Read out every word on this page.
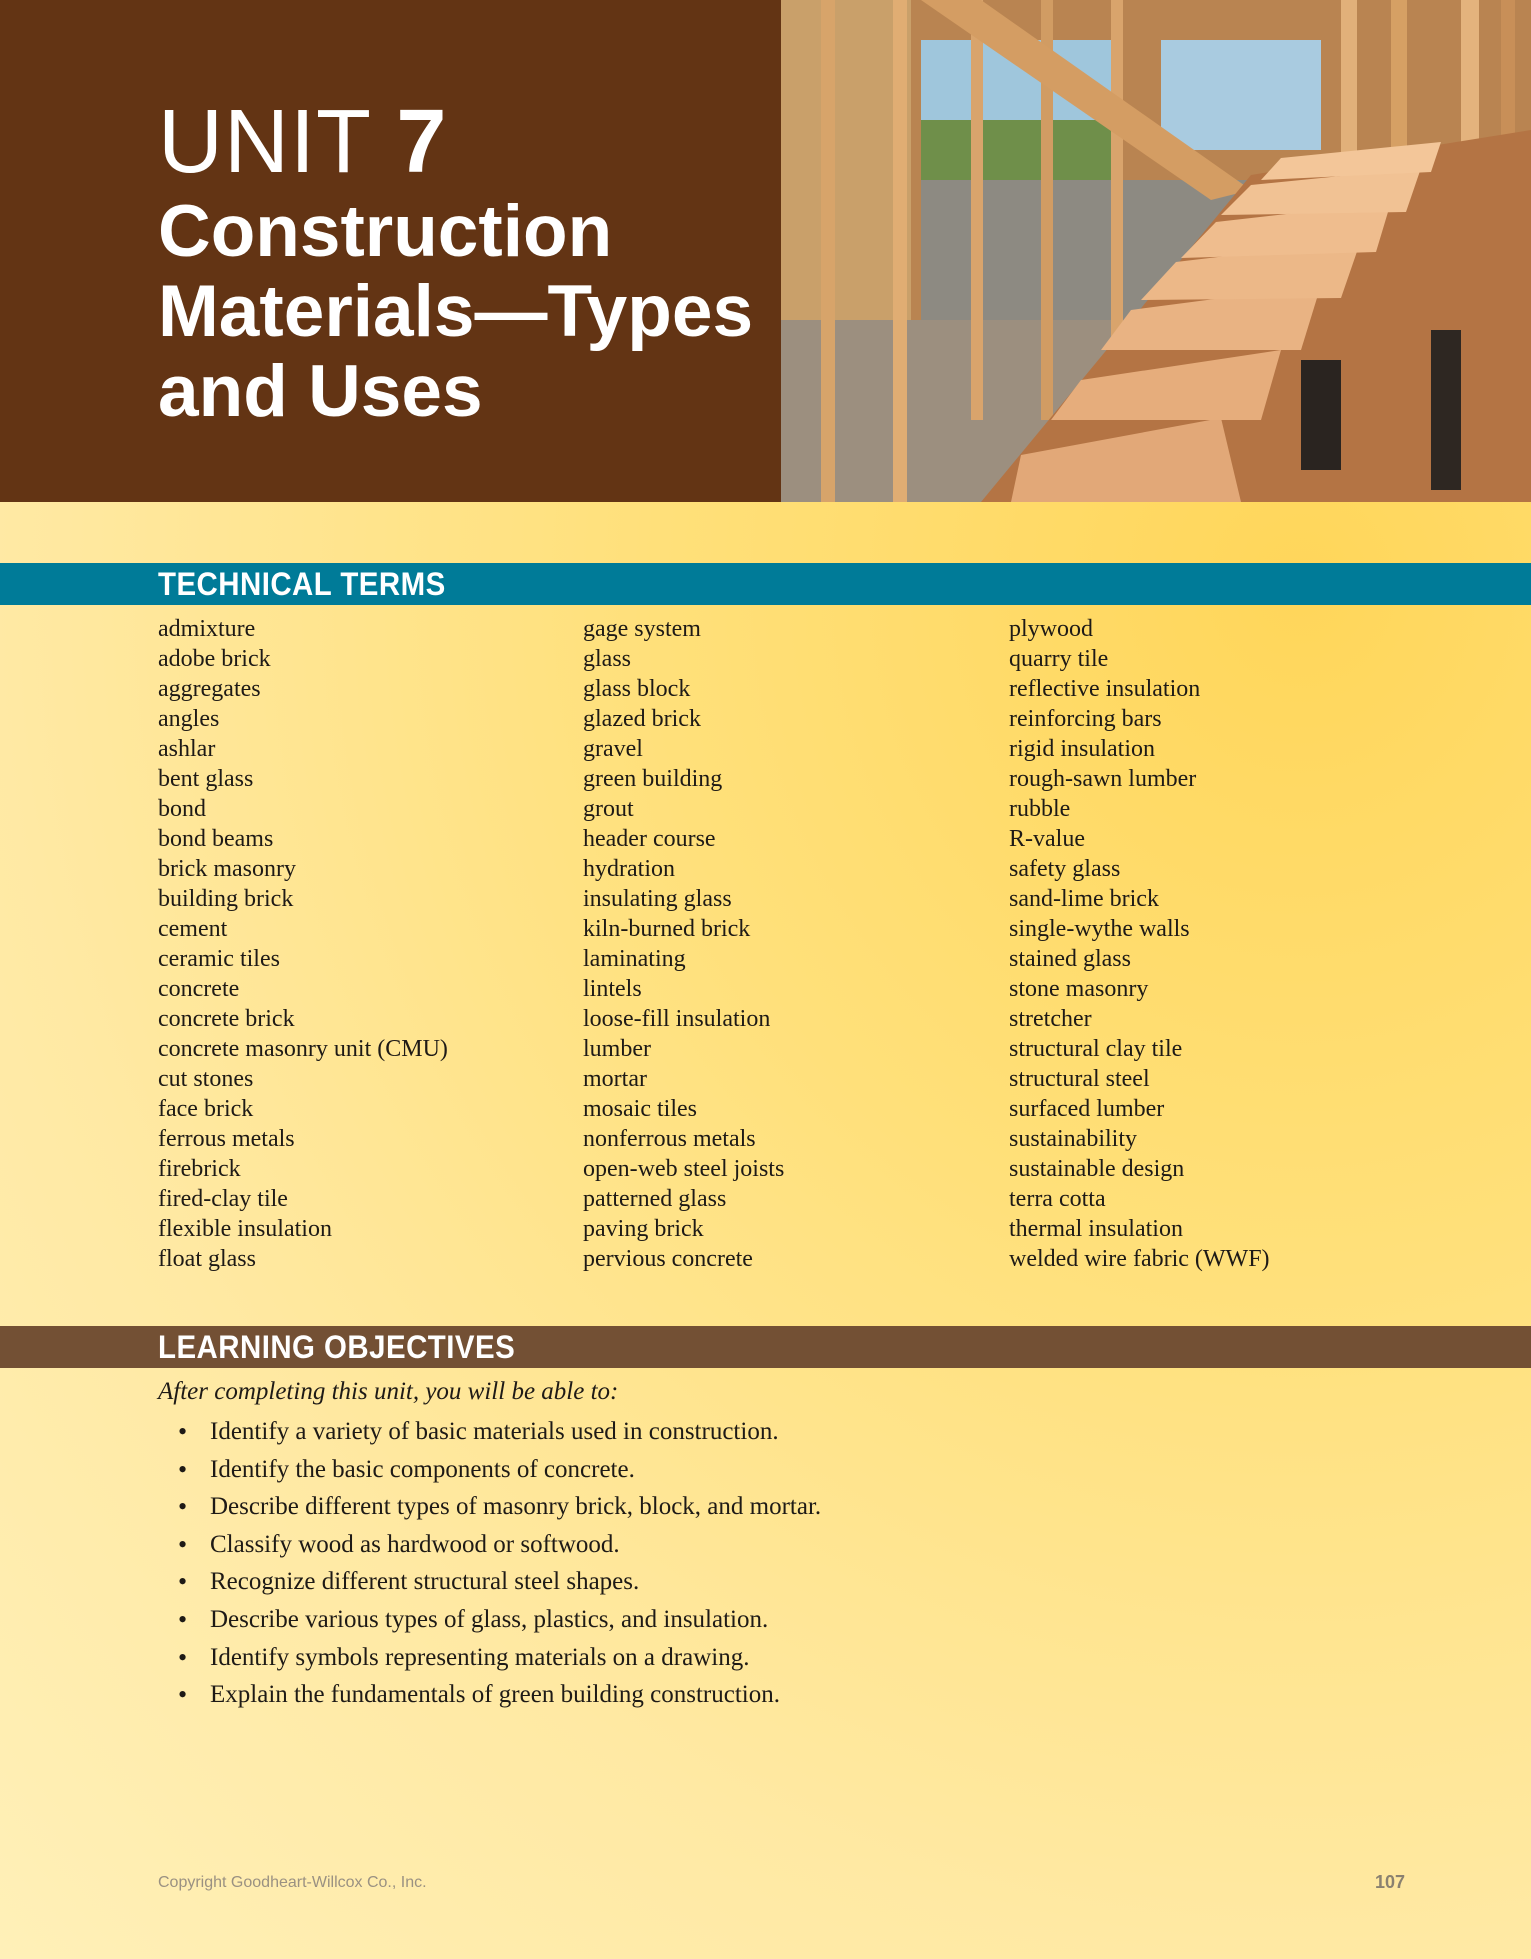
UNIT 7
Construction
Materials—Types
and Uses
TECHNICAL TERMS
admixture
adobe brick
aggregates
angles
ashlar
bent glass
bond
bond beams
brick masonry
building brick
cement
ceramic tiles
concrete
concrete brick
concrete masonry unit (CMU)
cut stones
face brick
ferrous metals
firebrick
fired-clay tile
flexible insulation
float glass
gage system
glass
glass block
glazed brick
gravel
green building
grout
header course
hydration
insulating glass
kiln-burned brick
laminating
lintels
loose-fill insulation
lumber
mortar
mosaic tiles
nonferrous metals
open-web steel joists
patterned glass
paving brick
pervious concrete
plywood
quarry tile
reflective insulation
reinforcing bars
rigid insulation
rough-sawn lumber
rubble
R-value
safety glass
sand-lime brick
single-wythe walls
stained glass
stone masonry
stretcher
structural clay tile
structural steel
surfaced lumber
sustainability
sustainable design
terra cotta
thermal insulation
welded wire fabric (WWF)
LEARNING OBJECTIVES
After completing this unit, you will be able to:
• Identify a variety of basic materials used in construction.
• Identify the basic components of concrete.
• Describe different types of masonry brick, block, and mortar.
• Classify wood as hardwood or softwood.
• Recognize different structural steel shapes.
• Describe various types of glass, plastics, and insulation.
• Identify symbols representing materials on a drawing.
• Explain the fundamentals of green building construction.
Copyright Goodheart-Willcox Co., Inc.	107
